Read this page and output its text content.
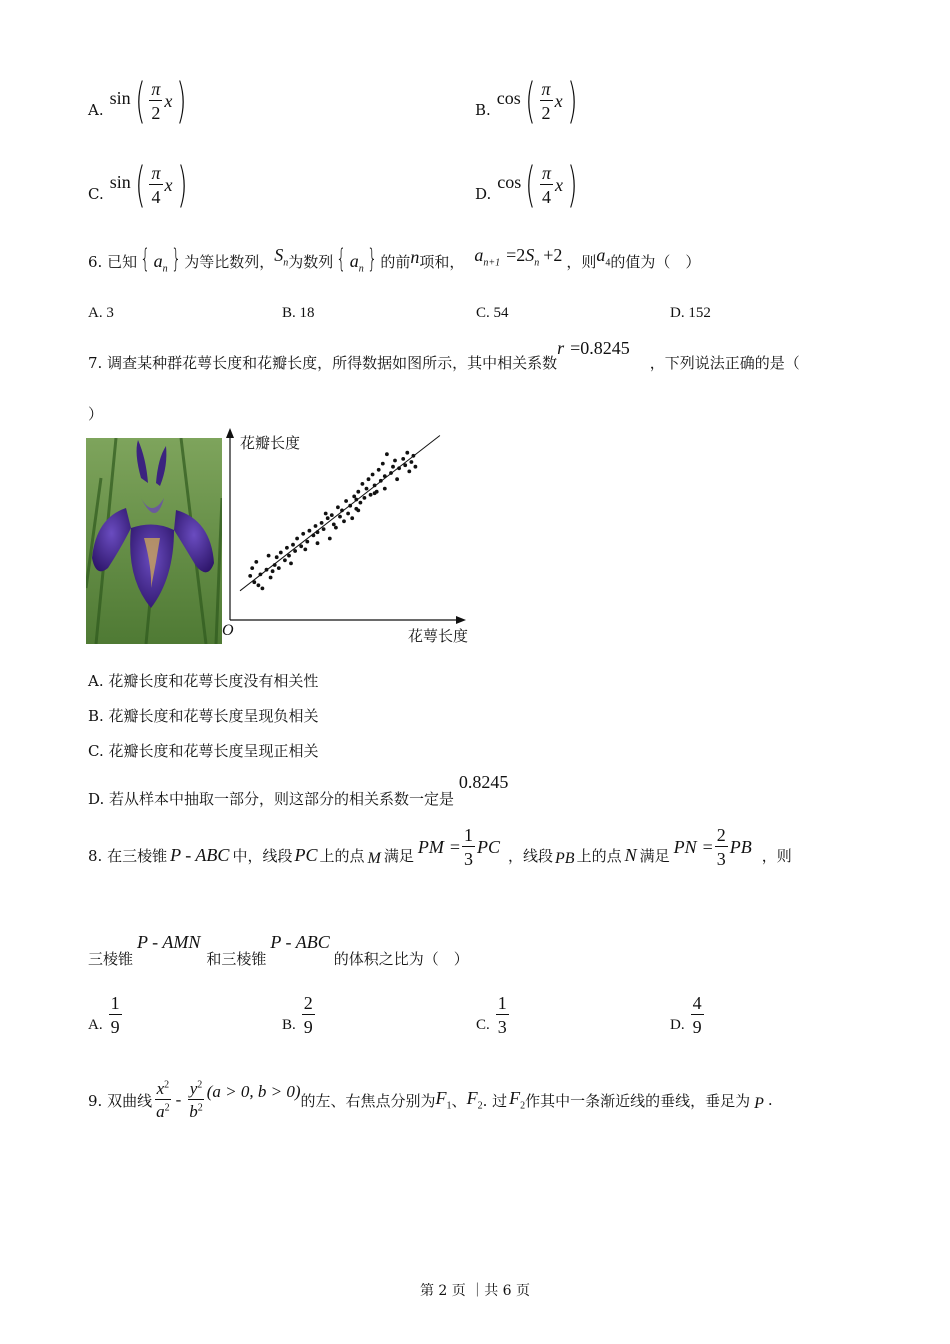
A.
sin ( $\frac{\pi}{2}$ x )	B.
cos ( $\frac{\pi}{2}$ x )
C.
sin ( $\frac{\pi}{4}$ x )	D.
cos ( $\frac{\pi}{4}$ x )
6. 已知 { $a_n$ } 为等比数列， $S_n$ 为数列 { $a_n$ } 的前 n 项和， $a_{n+1} =2S_n +2$ ，则 $a_4$ 的值为（　）
A. 3	B. 18	C. 54	D. 152
7. 调查某种群花萼长度和花瓣长度，所得数据如图所示，其中相关系数
r =0.8245
，下列说法正确的是（
）
花瓣长度
O	花萼长度
A. 花瓣长度和花萼长度没有相关性
B. 花瓣长度和花萼长度呈现负相关
C. 花瓣长度和花萼长度呈现正相关
D. 若从样本中抽取一部分，则这部分的相关系数一定是 0.8245
8. 在三棱锥 P - ABC 中，线段 PC 上的点 M 满足 PM = $\frac{1}{3}$ PC ，线段 PB 上的点 N 满足 PN = $\frac{2}{3}$ PB ，则
三棱锥
P - AMN
和三棱锥
P - ABC
的体积之比为（　）
A. $\frac{1}{9}$	B. $\frac{2}{9}$	C. $\frac{1}{3}$	D. $\frac{4}{9}$
9. 双曲线 $\frac{x^2}{a^2} - \frac{y^2}{b^2} (a > 0$, b > 0) 的左、右焦点分别为 $F_1$ 、 $F_2$ . 过 $F_2$ 作其中一条渐近线的垂线，垂足为 P .
第 2 页 ｜共 6 页
